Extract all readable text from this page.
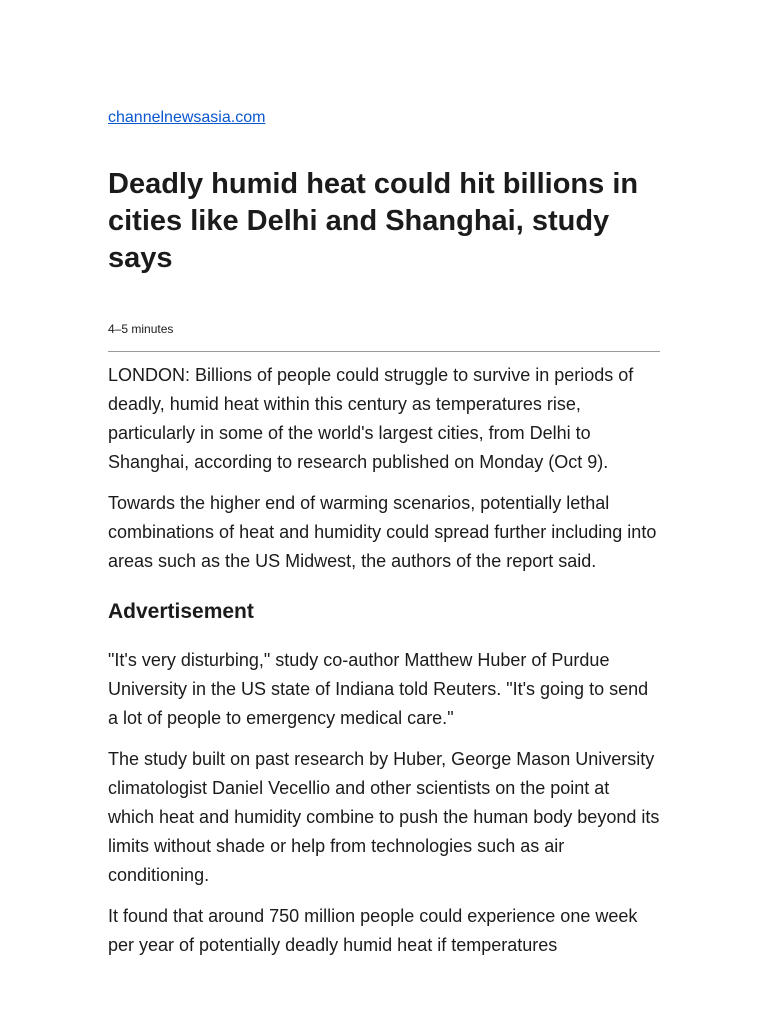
channelnewsasia.com
Deadly humid heat could hit billions in cities like Delhi and Shanghai, study says
4–5 minutes

LONDON: Billions of people could struggle to survive in periods of deadly, humid heat within this century as temperatures rise, particularly in some of the world's largest cities, from Delhi to Shanghai, according to research published on Monday (Oct 9).

Towards the higher end of warming scenarios, potentially lethal combinations of heat and humidity could spread further including into areas such as the US Midwest, the authors of the report said.

Advertisement

"It's very disturbing," study co-author Matthew Huber of Purdue University in the US state of Indiana told Reuters. "It's going to send a lot of people to emergency medical care."

The study built on past research by Huber, George Mason University climatologist Daniel Vecellio and other scientists on the point at which heat and humidity combine to push the human body beyond its limits without shade or help from technologies such as air conditioning.

It found that around 750 million people could experience one week per year of potentially deadly humid heat if temperatures
